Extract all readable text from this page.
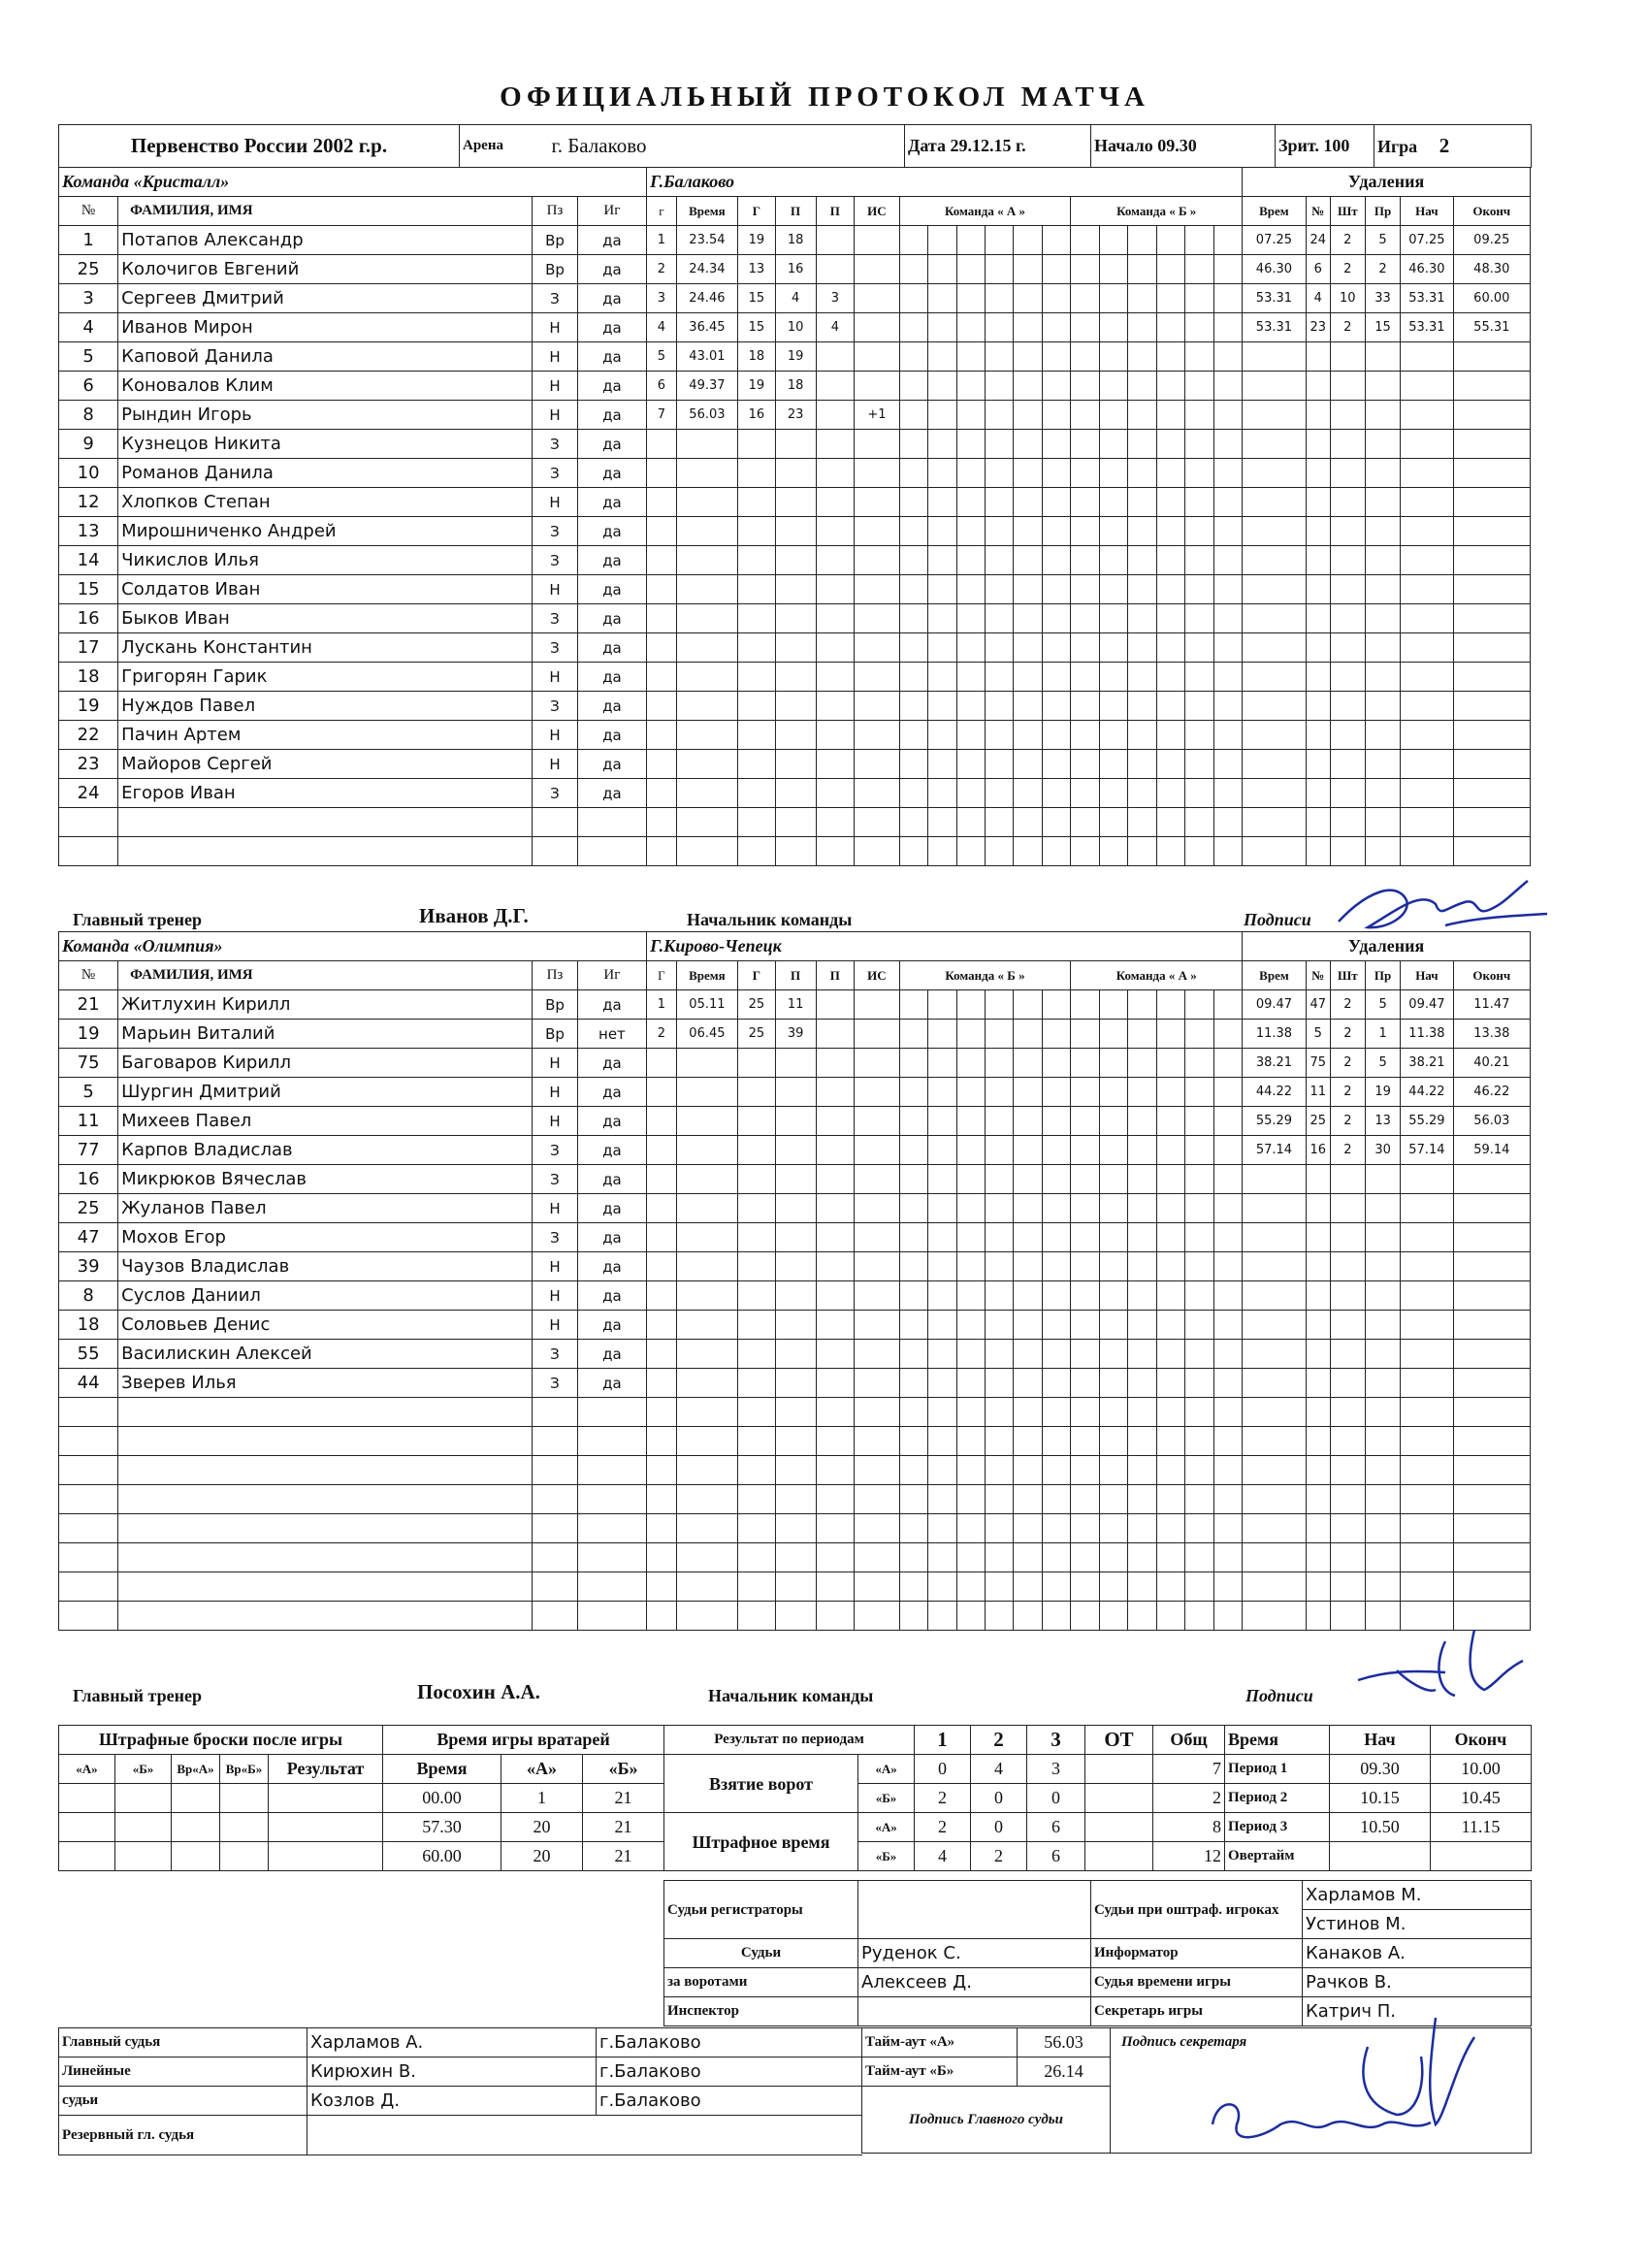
ОФИЦИАЛЬНЫЙ ПРОТОКОЛ МАТЧА
Первенство России 2002 г.р.	Арена	г. Балаково	Дата 29.12.15 г.	Начало 09.30	Зрит. 100	Игра 2
Команда «Кристалл»				Г.Балаково																		Удаления					
№	ФАМИЛИЯ, ИМЯ	Пз	Иг	г	Время	Г	П	П	ИС	Команда « А »						Команда « Б »						Врем	№	Шт	Пр	Нач	Оконч
1	Потапов Александр	Вр	да	1	23.54	19	18															07.25	24	2	5	07.25	09.25
25	Колочигов Евгений	Вр	да	2	24.34	13	16															46.30	6	2	2	46.30	48.30
3	Сергеев Дмитрий	З	да	3	24.46	15	4	3														53.31	4	10	33	53.31	60.00
4	Иванов Мирон	Н	да	4	36.45	15	10	4														53.31	23	2	15	53.31	55.31
5	Каповой Данила	Н	да	5	43.01	18	19																				
6	Коновалов Клим	Н	да	6	49.37	19	18																				
8	Рындин Игорь	Н	да	7	56.03	16	23		+1																		
9	Кузнецов Никита	З	да																								
10	Романов Данила	З	да																								
12	Хлопков Степан	Н	да																								
13	Мирошниченко Андрей	З	да																								
14	Чикислов Илья	З	да																								
15	Солдатов Иван	Н	да																								
16	Быков Иван	З	да																								
17	Лускань Константин	З	да																								
18	Григорян Гарик	Н	да																								
19	Нуждов Павел	З	да																								
22	Пачин Артем	Н	да																								
23	Майоров Сергей	Н	да																								
24	Егоров Иван	З	да																								

Главный тренер	Иванов Д.Г.	Начальник команды	Подписи
Команда «Олимпия»				Г.Кирово-Чепецк																		Удаления					
№	ФАМИЛИЯ, ИМЯ	Пз	Иг	Г	Время	Г	П	П	ИС	Команда « Б »						Команда « А »						Врем	№	Шт	Пр	Нач	Оконч
21	Житлухин Кирилл	Вр	да	1	05.11	25	11															09.47	47	2	5	09.47	11.47
19	Марьин Виталий	Вр	нет	2	06.45	25	39															11.38	5	2	1	11.38	13.38
75	Баговаров Кирилл	Н	да																			38.21	75	2	5	38.21	40.21
5	Шургин Дмитрий	Н	да																			44.22	11	2	19	44.22	46.22
11	Михеев Павел	Н	да																			55.29	25	2	13	55.29	56.03
77	Карпов Владислав	З	да																			57.14	16	2	30	57.14	59.14
16	Микрюков Вячеслав	З	да																								
25	Жуланов Павел	Н	да																								
47	Мохов Егор	З	да																								
39	Чаузов Владислав	Н	да																								
8	Суслов Даниил	Н	да																								
18	Соловьев Денис	Н	да																								
55	Василискин Алексей	З	да																								
44	Зверев Илья	З	да																								

Главный тренер	Посохин А.А.	Начальник команды	Подписи
Штрафные броски после игры					Время игры вратарей		
«А»	«Б»	Вр«А»	Вр«Б»	Результат	Время	«А»	«Б»
					00.00	1	21
					57.30	20	21
					60.00	20	21
Результат по периодам		1	2	3	ОТ	Общ
Взятие ворот	«А»	0	4	3		7
	«Б»	2	0	0		2
Штрафное время	«А»	2	0	6		8
	«Б»	4	2	6		12
Время	Нач	Оконч
Период 1	09.30	10.00
Период 2	10.15	10.45
Период 3	10.50	11.15
Овертайм		
Судьи регистраторы		Судьи при оштраф. игроках	Харламов М.
			Устинов М.
Судьи	Руденок С.	Информатор	Канаков А.
за воротами	Алексеев Д.	Судья времени игры	Рачков В.
Инспектор		Секретарь игры	Катрич П.
Главный судья	Харламов А.	г.Балаково
Линейные	Кирюхин В.	г.Балаково
судьи	Козлов Д.	г.Балаково
Резервный гл. судья		
Тайм-аут «А»	56.03	Подпись секретаря
Тайм-аут «Б»	26.14	
Подпись Главного судьи		
